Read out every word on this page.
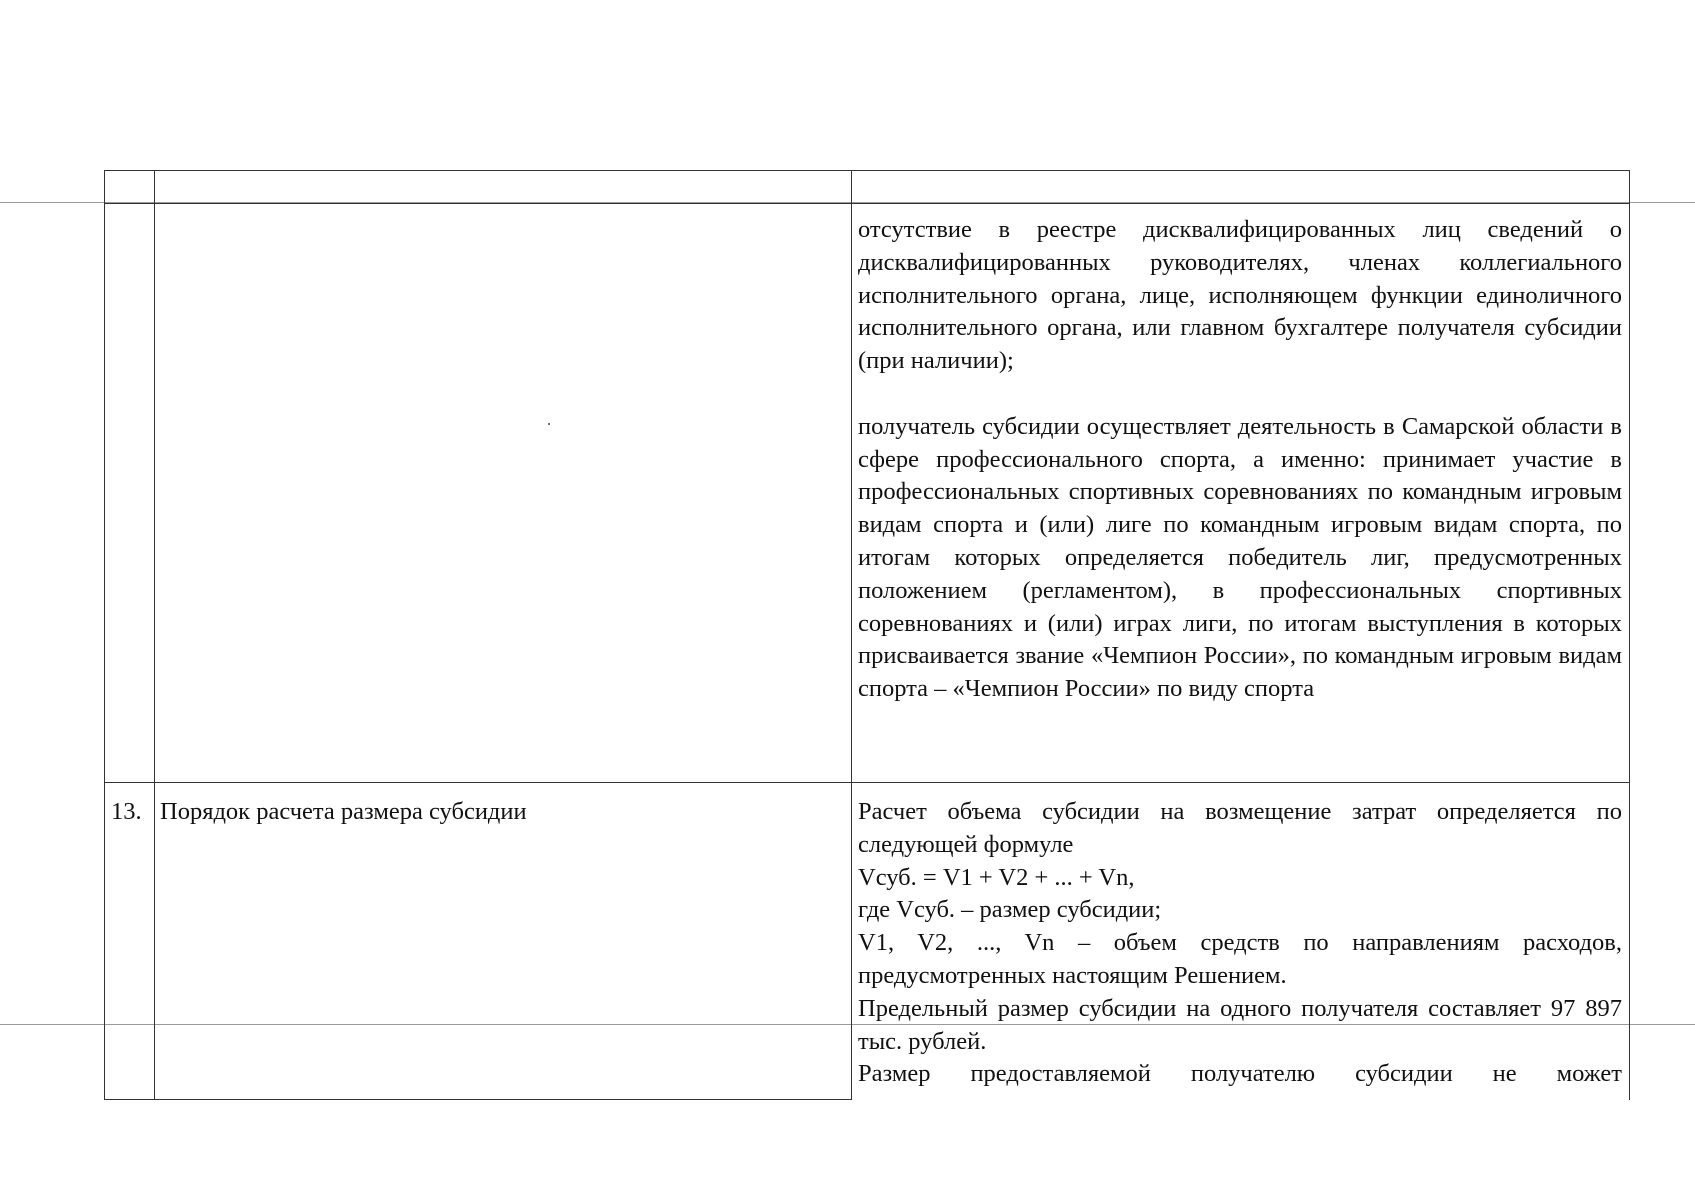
отсутствие в реестре дисквалифицированных лиц сведений о дисквалифицированных руководителях, членах коллегиального исполнительного органа, лице, исполняющем функции единоличного исполнительного органа, или главном бухгалтере получателя субсидии (при наличии);

получатель субсидии осуществляет деятельность в Самарской области в сфере профессионального спорта, а именно: принимает участие в профессиональных спортивных соревнованиях по командным игровым видам спорта и (или) лиге по командным игровым видам спорта, по итогам которых определяется победитель лиг, предусмотренных положением (регламентом), в профессиональных спортивных соревнованиях и (или) играх лиги, по итогам выступления в которых присваивается звание «Чемпион России», по командным игровым видам спорта – «Чемпион России» по виду спорта

13. Порядок расчета размера субсидии	Расчет объема субсидии на возмещение затрат определяется по следующей формуле

Vсуб. = V1 + V2 + ... + Vn,

где Vсуб. – размер субсидии;

V1, V2, ..., Vn – объем средств по направлениям расходов, предусмотренных настоящим Решением.

Предельный размер субсидии на одного получателя составляет 97 897 тыс. рублей.

Размер предоставляемой получателю субсидии не может
